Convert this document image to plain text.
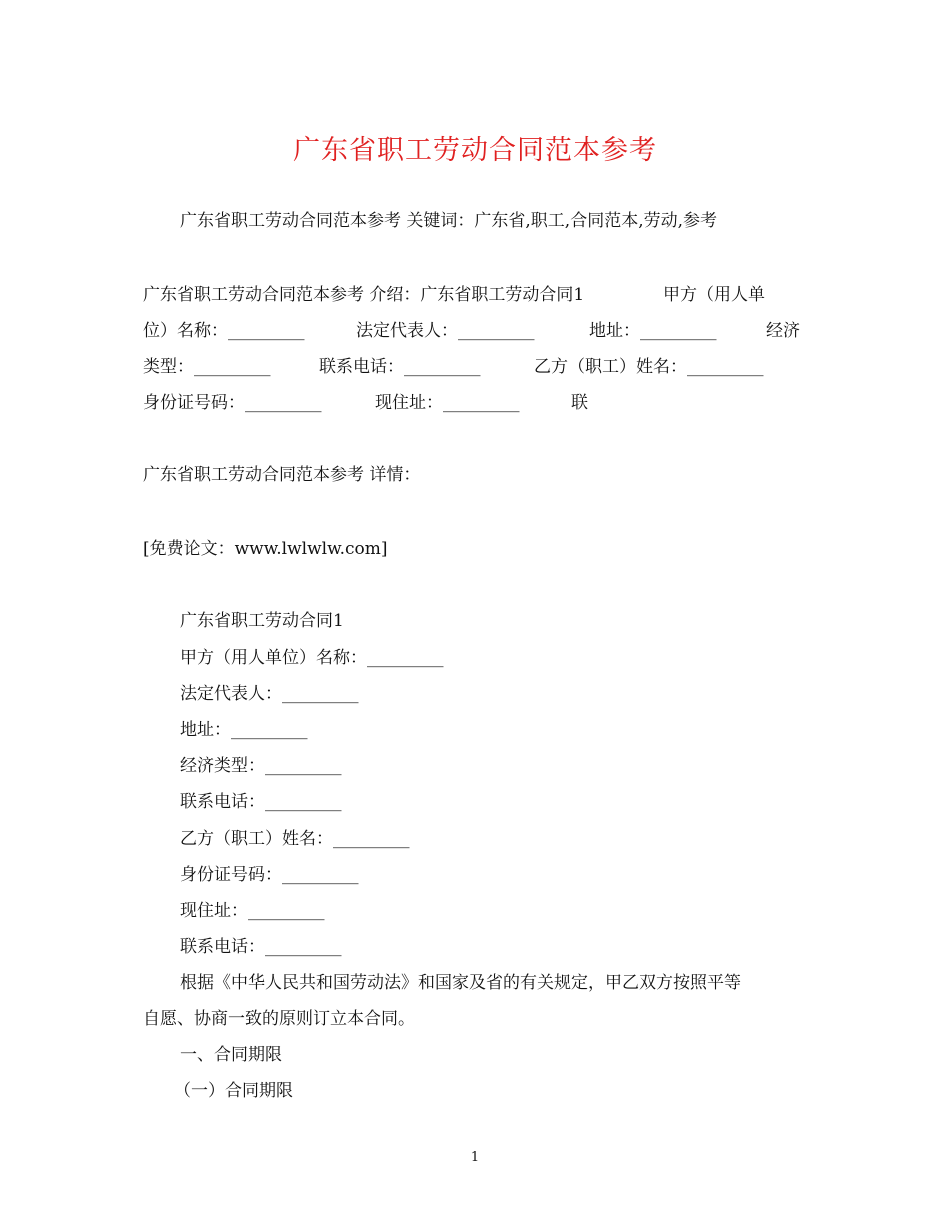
广东省职工劳动合同范本参考
广东省职工劳动合同范本参考 关键词：广东省,职工,合同范本,劳动,参考
广东省职工劳动合同范本参考 介绍：广东省职工劳动合同1	甲方（用人单
位）名称：_________	法定代表人：_________	地址：_________	经济
类型：_________	联系电话：_________	乙方（职工）姓名：_________
身份证号码：_________	现住址：_________	联
广东省职工劳动合同范本参考 详情：
[免费论文：www.lwlwlw.com]
广东省职工劳动合同1
甲方（用人单位）名称：_________
法定代表人：_________
地址：_________
经济类型：_________
联系电话：_________
乙方（职工）姓名：_________
身份证号码：_________
现住址：_________
联系电话：_________
根据《中华人民共和国劳动法》和国家及省的有关规定，甲乙双方按照平等
自愿、协商一致的原则订立本合同。
一、合同期限
（一）合同期限
1
